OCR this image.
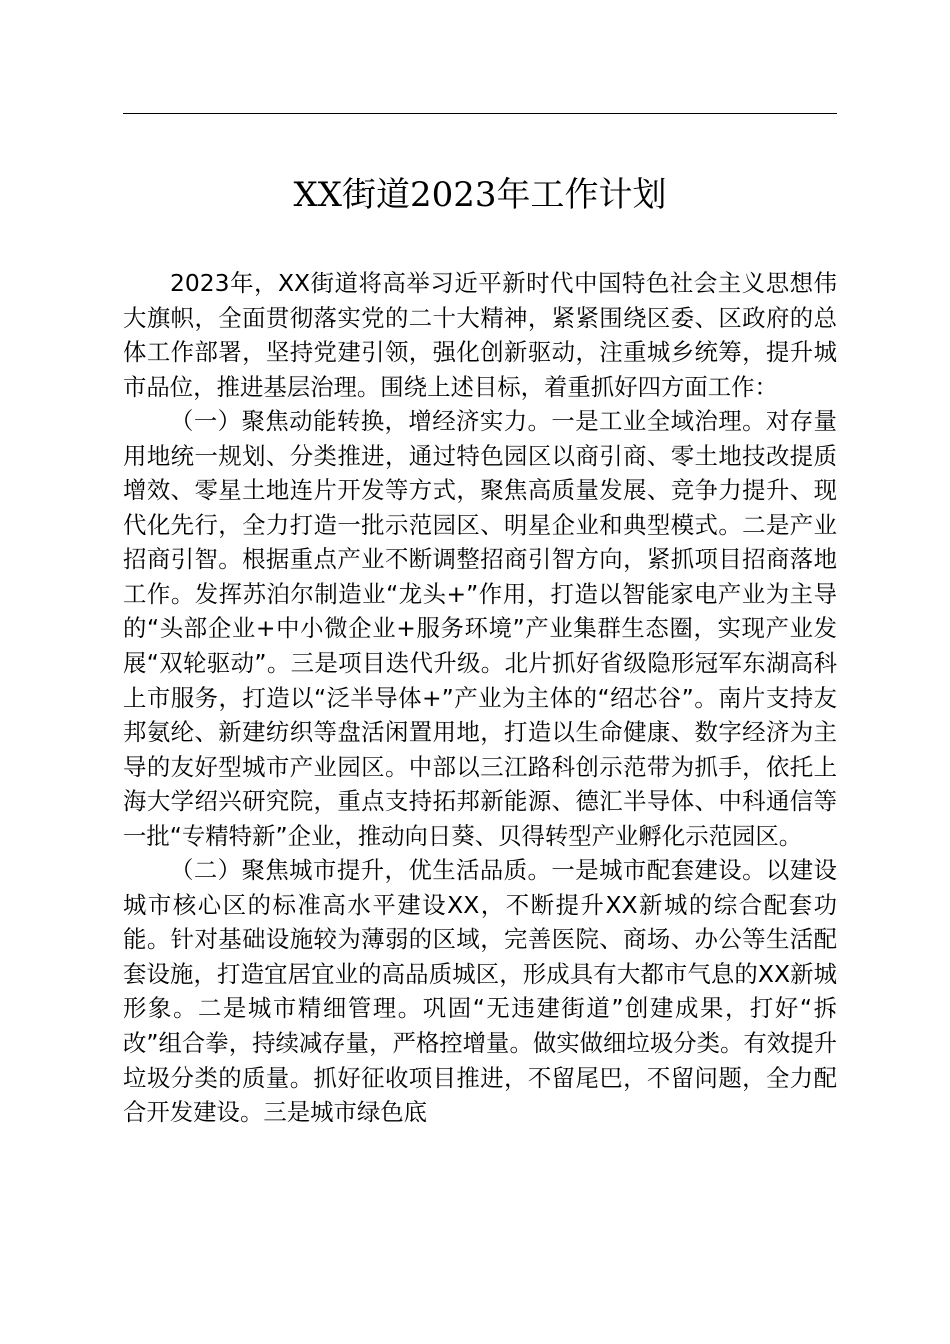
XX街道2023年工作计划

2023年，XX街道将高举习近平新时代中国特色社会主义思想伟大旗帜，全面贯彻落实党的二十大精神，紧紧围绕区委、区政府的总体工作部署，坚持党建引领，强化创新驱动，注重城乡统筹，提升城市品位，推进基层治理。围绕上述目标，着重抓好四方面工作：

（一）聚焦动能转换，增经济实力。一是工业全域治理。对存量用地统一规划、分类推进，通过特色园区以商引商、零土地技改提质增效、零星土地连片开发等方式，聚焦高质量发展、竞争力提升、现代化先行，全力打造一批示范园区、明星企业和典型模式。二是产业招商引智。根据重点产业不断调整招商引智方向，紧抓项目招商落地工作。发挥苏泊尔制造业“龙头+”作用，打造以智能家电产业为主导的“头部企业+中小微企业+服务环境”产业集群生态圈，实现产业发展“双轮驱动”。三是项目迭代升级。北片抓好省级隐形冠军东湖高科上市服务，打造以“泛半导体+”产业为主体的“绍芯谷”。南片支持友邦氨纶、新建纺织等盘活闲置用地，打造以生命健康、数字经济为主导的友好型城市产业园区。中部以三江路科创示范带为抓手，依托上海大学绍兴研究院，重点支持拓邦新能源、德汇半导体、中科通信等一批“专精特新”企业，推动向日葵、贝得转型产业孵化示范园区。

（二）聚焦城市提升，优生活品质。一是城市配套建设。以建设城市核心区的标准高水平建设XX，不断提升XX新城的综合配套功能。针对基础设施较为薄弱的区域，完善医院、商场、办公等生活配套设施，打造宜居宜业的高品质城区，形成具有大都市气息的XX新城形象。二是城市精细管理。巩固“无违建街道”创建成果，打好“拆改”组合拳，持续减存量，严格控增量。做实做细垃圾分类。有效提升垃圾分类的质量。抓好征收项目推进，不留尾巴，不留问题，全力配合开发建设。三是城市绿色底
